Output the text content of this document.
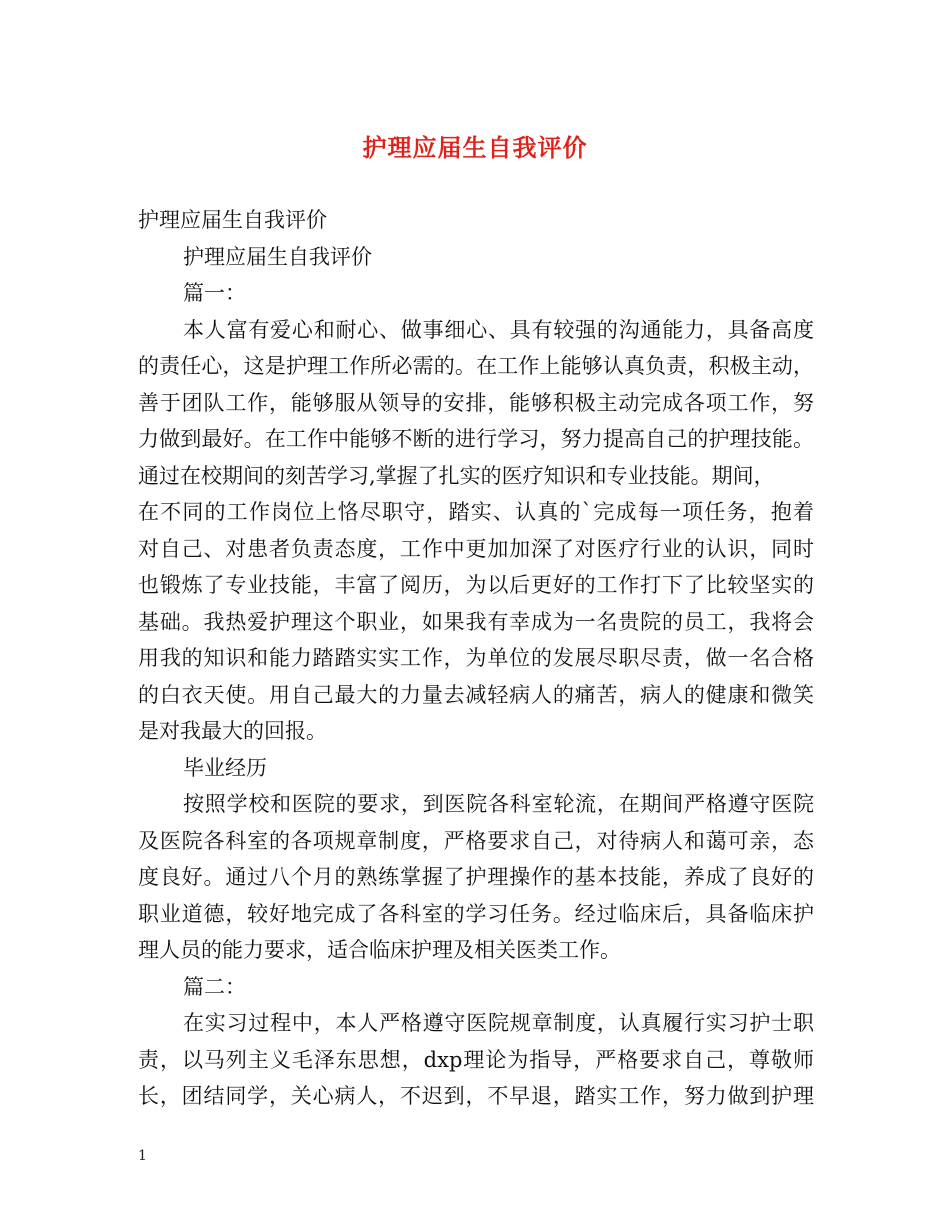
护理应届生自我评价
护理应届生自我评价
护理应届生自我评价
篇一：
本人富有爱心和耐心、做事细心、具有较强的沟通能力，具备高度
的责任心，这是护理工作所必需的。在工作上能够认真负责，积极主动，
善于团队工作，能够服从领导的安排，能够积极主动完成各项工作，努
力做到最好。在工作中能够不断的进行学习，努力提高自己的护理技能。
通过在校期间的刻苦学习,掌握了扎实的医疗知识和专业技能。期间，
在不同的工作岗位上恪尽职守，踏实、认真的`完成每一项任务，抱着
对自己、对患者负责态度，工作中更加加深了对医疗行业的认识，同时
也锻炼了专业技能，丰富了阅历，为以后更好的工作打下了比较坚实的
基础。我热爱护理这个职业，如果我有幸成为一名贵院的员工，我将会
用我的知识和能力踏踏实实工作，为单位的发展尽职尽责，做一名合格
的白衣天使。用自己最大的力量去减轻病人的痛苦，病人的健康和微笑
是对我最大的回报。
毕业经历
按照学校和医院的要求，到医院各科室轮流，在期间严格遵守医院
及医院各科室的各项规章制度，严格要求自己，对待病人和蔼可亲，态
度良好。通过八个月的熟练掌握了护理操作的基本技能，养成了良好的
职业道德，较好地完成了各科室的学习任务。经过临床后，具备临床护
理人员的能力要求，适合临床护理及相关医类工作。
篇二：
在实习过程中，本人严格遵守医院规章制度，认真履行实习护士职
责，以马列主义毛泽东思想，dxp理论为指导，严格要求自己，尊敬师
长，团结同学，关心病人，不迟到，不早退，踏实工作，努力做到护理
1
